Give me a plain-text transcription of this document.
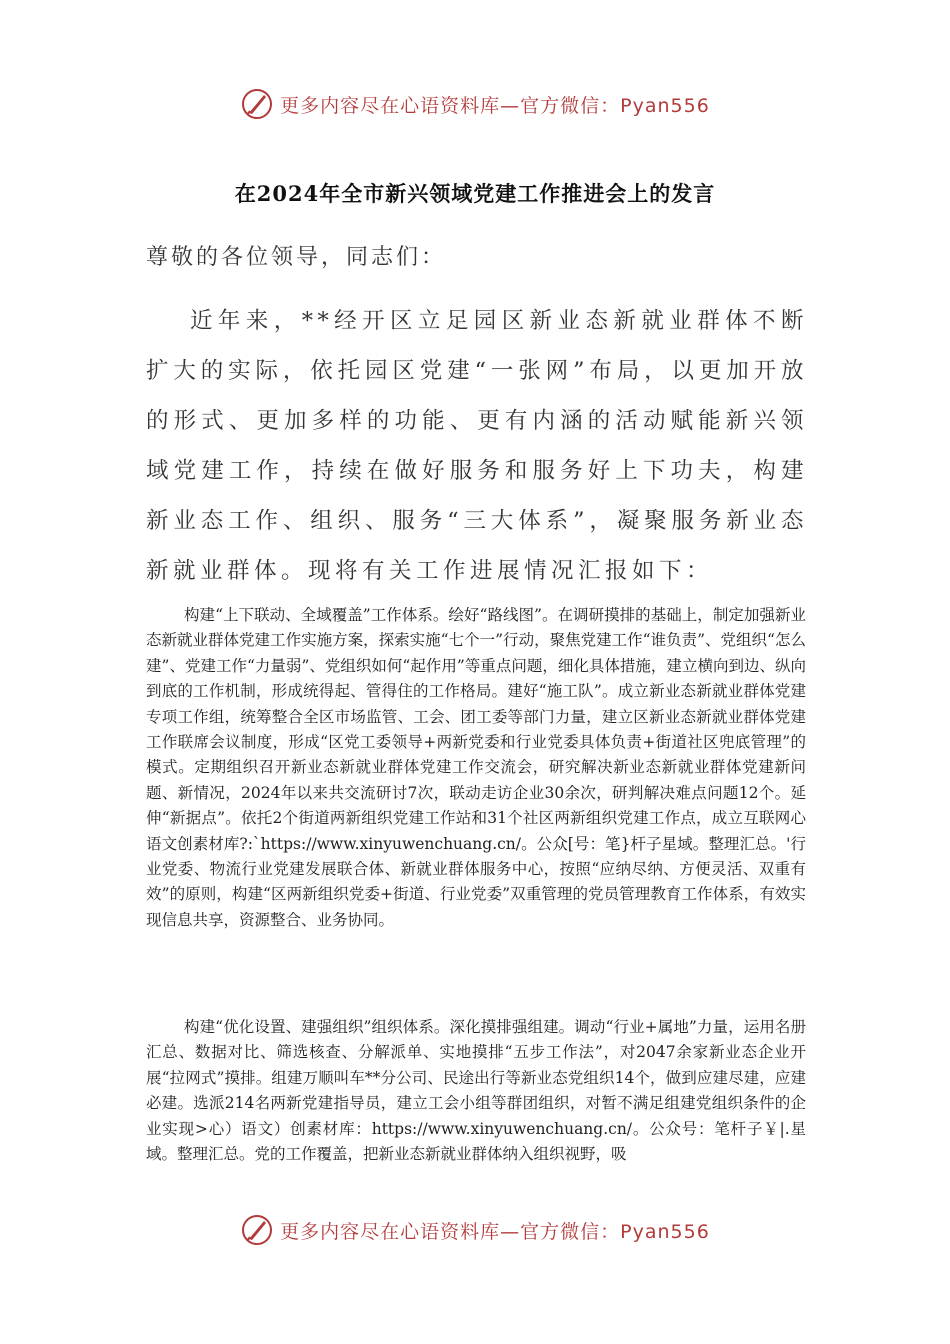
更多内容尽在心语资料库—官方微信：Pyan556
在2024年全市新兴领域党建工作推进会上的发言
尊敬的各位领导，同志们：

近年来，**经开区立足园区新业态新就业群体不断扩大的实际，依托园区党建“一张网”布局，以更加开放的形式、更加多样的功能、更有内涵的活动赋能新兴领域党建工作，持续在做好服务和服务好上下功夫，构建新业态工作、组织、服务“三大体系”，凝聚服务新业态新就业群体。现将有关工作进展情况汇报如下：

构建“上下联动、全域覆盖”工作体系。绘好“路线图”。在调研摸排的基础上，制定加强新业态新就业群体党建工作实施方案，探索实施“七个一”行动，聚焦党建工作“谁负责”、党组织“怎么建”、党建工作“力量弱”、党组织如何“起作用”等重点问题，细化具体措施，建立横向到边、纵向到底的工作机制，形成统得起、管得住的工作格局。建好“施工队”。成立新业态新就业群体党建专项工作组，统筹整合全区市场监管、工会、团工委等部门力量，建立区新业态新就业群体党建工作联席会议制度，形成“区党工委领导+两新党委和行业党委具体负责+街道社区兜底管理”的模式。定期组织召开新业态新就业群体党建工作交流会，研究解决新业态新就业群体党建新问题、新情况，2024年以来共交流研讨7次，联动走访企业30余次，研判解决难点问题12个。延伸“新据点”。依托2个街道两新组织党建工作站和31个社区两新组织党建工作点，成立互联网心语文创素材库?:`https://www.xinyuwenchuang.cn/。公众[号：笔}杆子星域。整理汇总。'行业党委、物流行业党建发展联合体、新就业群体服务中心，按照“应纳尽纳、方便灵活、双重有效”的原则，构建“区两新组织党委+街道、行业党委”双重管理的党员管理教育工作体系，有效实现信息共享，资源整合、业务协同。

构建“优化设置、建强组织”组织体系。深化摸排强组建。调动“行业+属地”力量，运用名册汇总、数据对比、筛选核查、分解派单、实地摸排“五步工作法”，对2047余家新业态企业开展“拉网式”摸排。组建万顺叫车**分公司、民途出行等新业态党组织14个，做到应建尽建，应建必建。选派214名两新党建指导员，建立工会小组等群团组织，对暂不满足组建党组织条件的企业实现>心）语文）创素材库：https://www.xinyuwenchuang.cn/。公众号：笔杆子￥|.星域。整理汇总。党的工作覆盖，把新业态新就业群体纳入组织视野，吸

更多内容尽在心语资料库—官方微信：Pyan556
